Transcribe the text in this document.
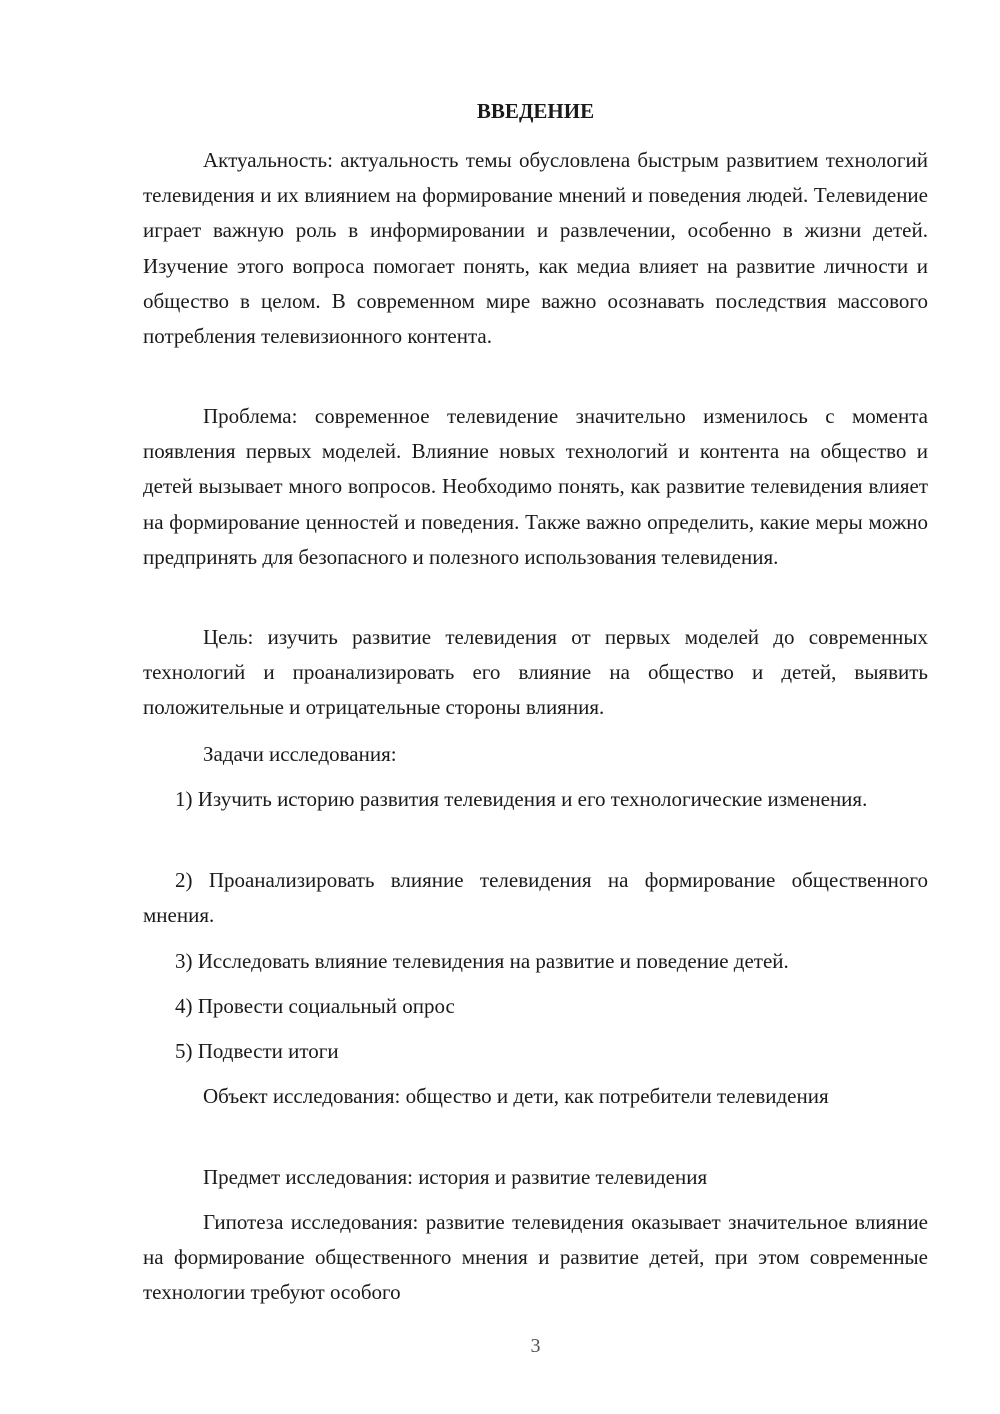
ВВЕДЕНИЕ

Актуальность: актуальность темы обусловлена быстрым развитием технологий телевидения и их влиянием на формирование мнений и поведения людей. Телевидение играет важную роль в информировании и развлечении, особенно в жизни детей. Изучение этого вопроса помогает понять, как медиа влияет на развитие личности и общество в целом. В современном мире важно осознавать последствия массового потребления телевизионного контента.

Проблема: современное телевидение значительно изменилось с момента появления первых моделей. Влияние новых технологий и контента на общество и детей вызывает много вопросов. Необходимо понять, как развитие телевидения влияет на формирование ценностей и поведения. Также важно определить, какие меры можно предпринять для безопасного и полезного использования телевидения.

Цель: изучить развитие телевидения от первых моделей до современных технологий и проанализировать его влияние на общество и детей, выявить положительные и отрицательные стороны влияния.

Задачи исследования:

1) Изучить историю развития телевидения и его технологические изменения.

2) Проанализировать влияние телевидения на формирование общественного мнения.

3) Исследовать влияние телевидения на развитие и поведение детей.

4) Провести социальный опрос

5) Подвести итоги

Объект исследования: общество и дети, как потребители телевидения

Предмет исследования: история и развитие телевидения

Гипотеза исследования: развитие телевидения оказывает значительное влияние на формирование общественного мнения и развитие детей, при этом современные технологии требуют особого

3
